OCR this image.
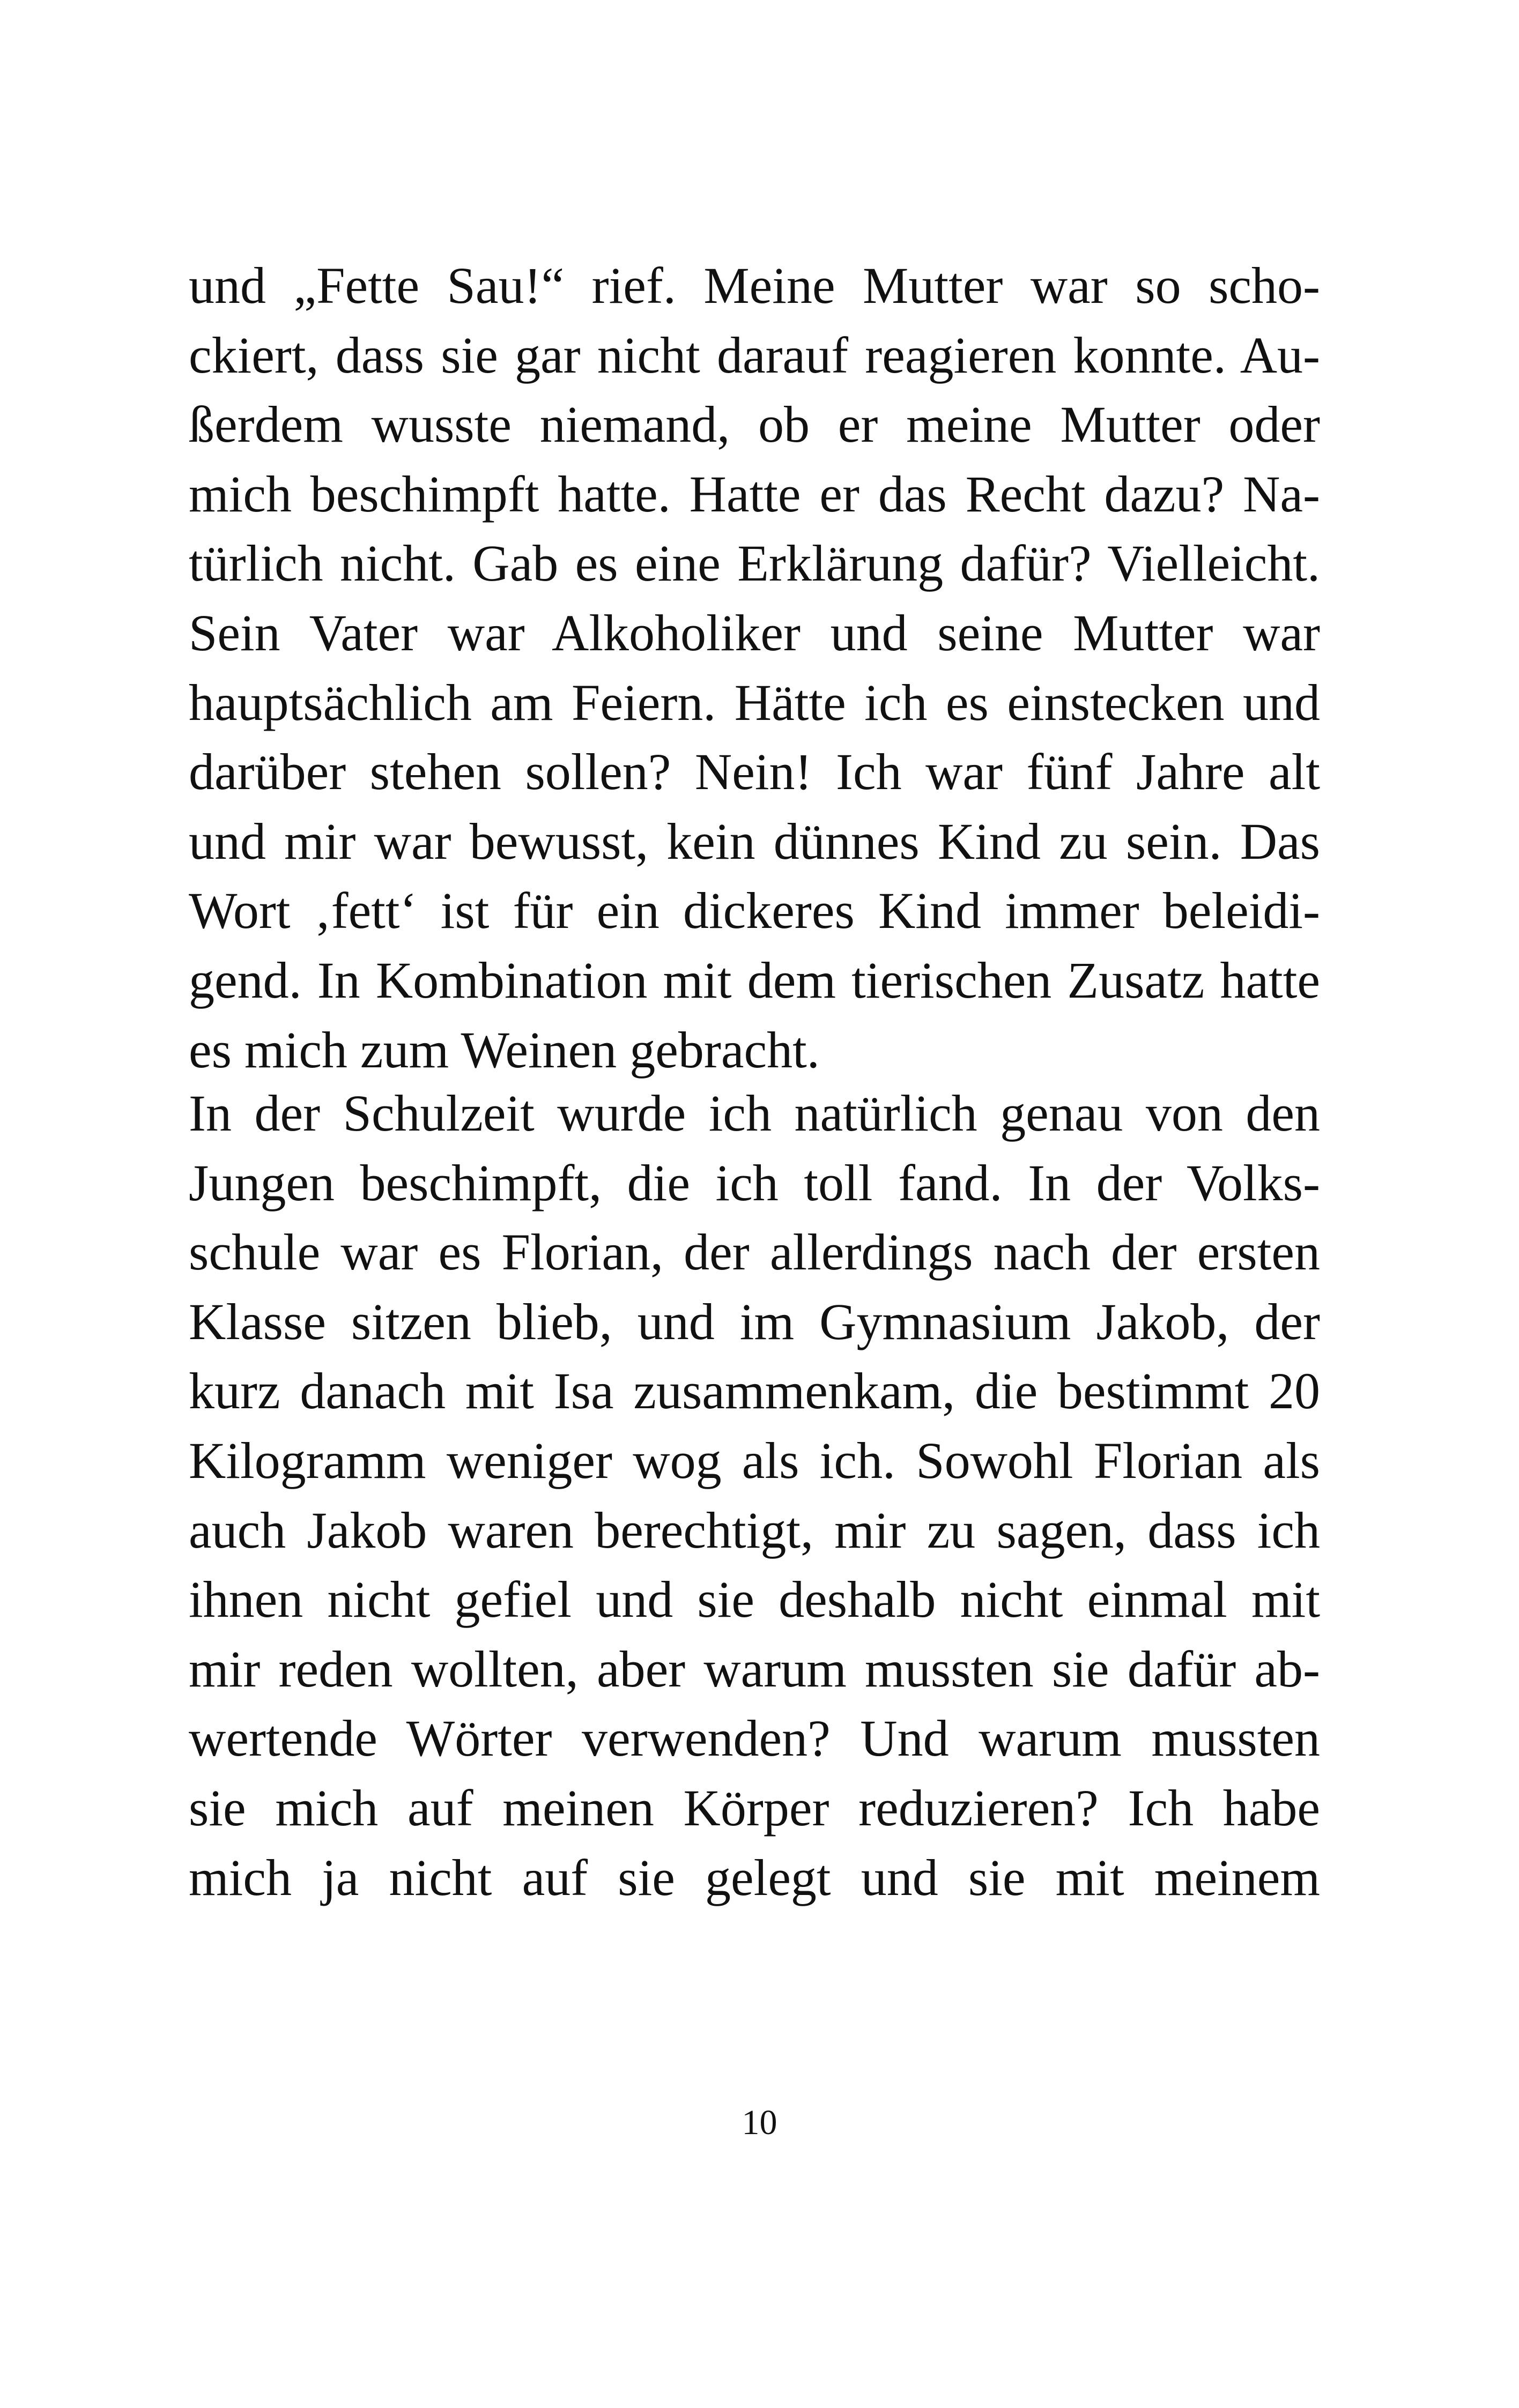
und „Fette Sau!“ rief. Meine Mutter war so scho-
ckiert, dass sie gar nicht darauf reagieren konnte. Au-
ßerdem wusste niemand, ob er meine Mutter oder
mich beschimpft hatte. Hatte er das Recht dazu? Na-
türlich nicht. Gab es eine Erklärung dafür? Vielleicht.
Sein Vater war Alkoholiker und seine Mutter war
hauptsächlich am Feiern. Hätte ich es einstecken und
darüber stehen sollen? Nein! Ich war fünf Jahre alt
und mir war bewusst, kein dünnes Kind zu sein. Das
Wort ‚fett‘ ist für ein dickeres Kind immer beleidi-
gend. In Kombination mit dem tierischen Zusatz hatte
es mich zum Weinen gebracht.
In der Schulzeit wurde ich natürlich genau von den
Jungen beschimpft, die ich toll fand. In der Volks-
schule war es Florian, der allerdings nach der ersten
Klasse sitzen blieb, und im Gymnasium Jakob, der
kurz danach mit Isa zusammenkam, die bestimmt 20
Kilogramm weniger wog als ich. Sowohl Florian als
auch Jakob waren berechtigt, mir zu sagen, dass ich
ihnen nicht gefiel und sie deshalb nicht einmal mit
mir reden wollten, aber warum mussten sie dafür ab-
wertende Wörter verwenden? Und warum mussten
sie mich auf meinen Körper reduzieren? Ich habe
mich ja nicht auf sie gelegt und sie mit meinem
10
